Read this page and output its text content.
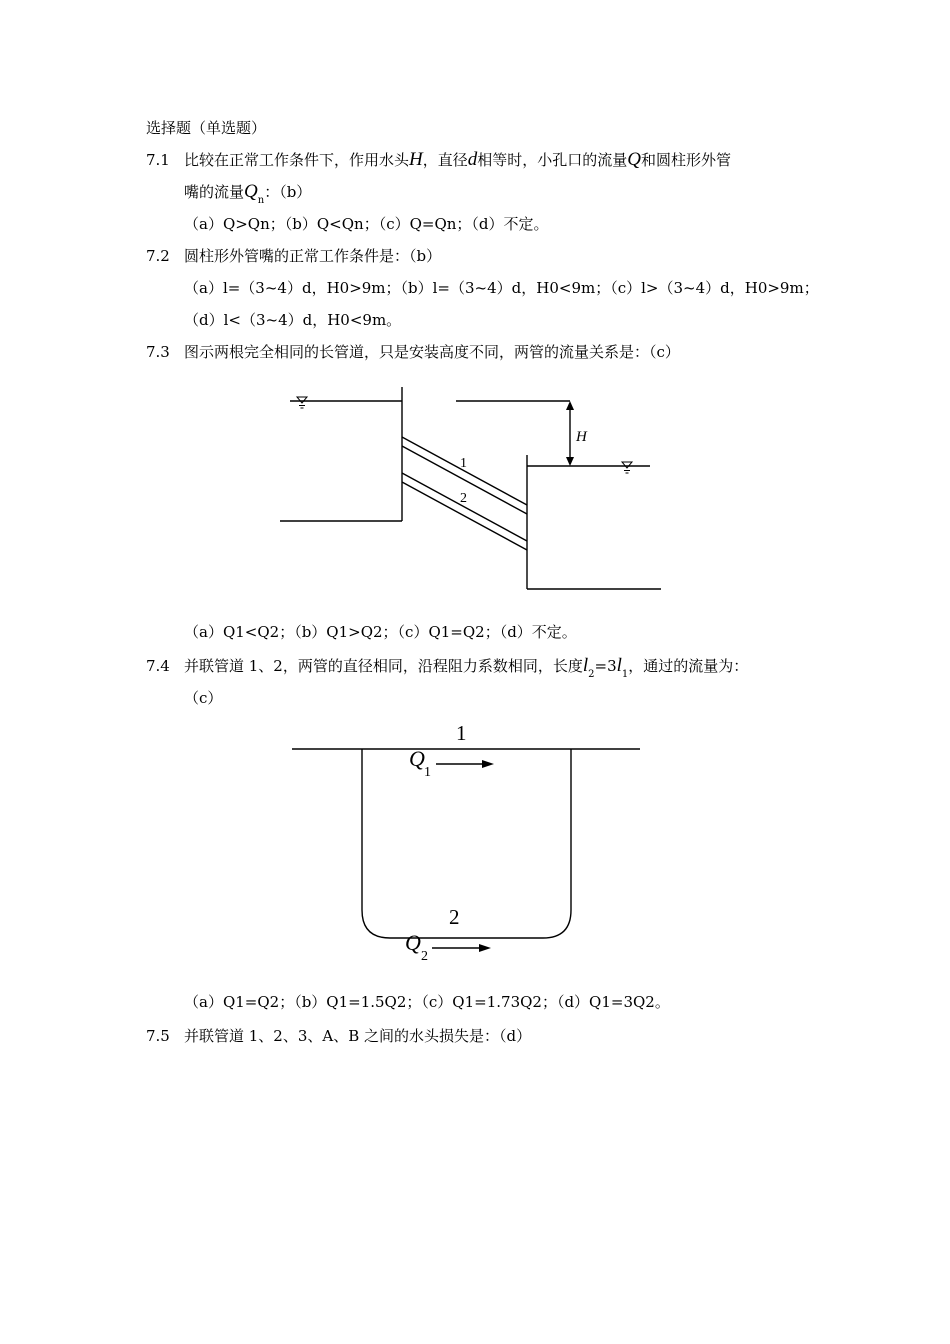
选择题（单选题）
7.1 比较在正常工作条件下，作用水头H，直径d相等时，小孔口的流量Q和圆柱形外管
嘴的流量$Q_n$：（b）
（a）Q>Qn；（b）Q<Qn；（c）Q=Qn；（d）不定。
7.2 圆柱形外管嘴的正常工作条件是：（b）
（a）l=（3~4）d，H0>9m；（b）l=（3~4）d，H0<9m；（c）l>（3~4）d，H0>9m；
（d）l<（3~4）d，H0<9m。
7.3 图示两根完全相同的长管道，只是安装高度不同，两管的流量关系是：（c）
H
1
2
（a）Q1<Q2；（b）Q1>Q2；（c）Q1=Q2；（d）不定。
7.4 并联管道 1、2，两管的直径相同，沿程阻力系数相同，长度$l_2=3l_1$，通过的流量为：
（c）
1
Q
1
2
Q
2
（a）Q1=Q2；（b）Q1=1.5Q2；（c）Q1=1.73Q2；（d）Q1=3Q2。
7.5 并联管道 1、2、3、A、B 之间的水头损失是：（d）
